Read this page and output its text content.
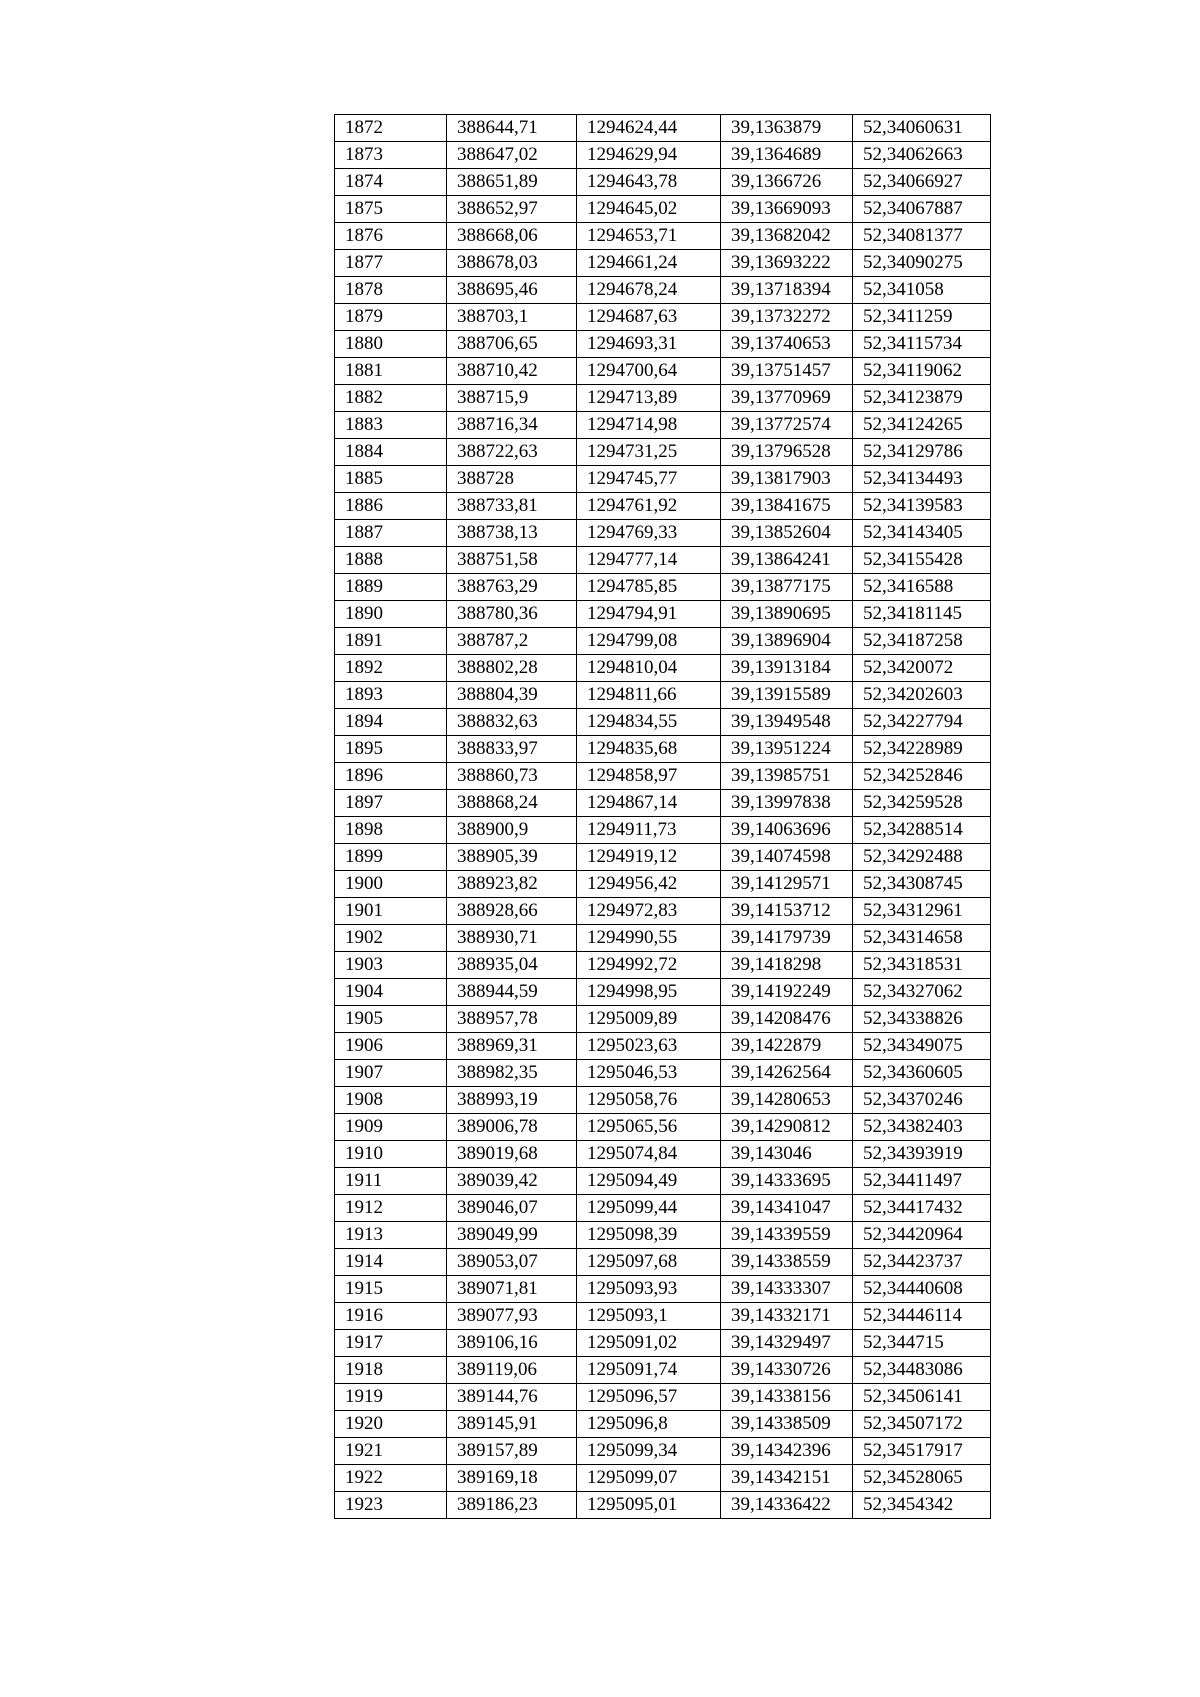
1872	388644,71	1294624,44	39,1363879	52,34060631
1873	388647,02	1294629,94	39,1364689	52,34062663
1874	388651,89	1294643,78	39,1366726	52,34066927
1875	388652,97	1294645,02	39,13669093	52,34067887
1876	388668,06	1294653,71	39,13682042	52,34081377
1877	388678,03	1294661,24	39,13693222	52,34090275
1878	388695,46	1294678,24	39,13718394	52,341058
1879	388703,1	1294687,63	39,13732272	52,3411259
1880	388706,65	1294693,31	39,13740653	52,34115734
1881	388710,42	1294700,64	39,13751457	52,34119062
1882	388715,9	1294713,89	39,13770969	52,34123879
1883	388716,34	1294714,98	39,13772574	52,34124265
1884	388722,63	1294731,25	39,13796528	52,34129786
1885	388728	1294745,77	39,13817903	52,34134493
1886	388733,81	1294761,92	39,13841675	52,34139583
1887	388738,13	1294769,33	39,13852604	52,34143405
1888	388751,58	1294777,14	39,13864241	52,34155428
1889	388763,29	1294785,85	39,13877175	52,3416588
1890	388780,36	1294794,91	39,13890695	52,34181145
1891	388787,2	1294799,08	39,13896904	52,34187258
1892	388802,28	1294810,04	39,13913184	52,3420072
1893	388804,39	1294811,66	39,13915589	52,34202603
1894	388832,63	1294834,55	39,13949548	52,34227794
1895	388833,97	1294835,68	39,13951224	52,34228989
1896	388860,73	1294858,97	39,13985751	52,34252846
1897	388868,24	1294867,14	39,13997838	52,34259528
1898	388900,9	1294911,73	39,14063696	52,34288514
1899	388905,39	1294919,12	39,14074598	52,34292488
1900	388923,82	1294956,42	39,14129571	52,34308745
1901	388928,66	1294972,83	39,14153712	52,34312961
1902	388930,71	1294990,55	39,14179739	52,34314658
1903	388935,04	1294992,72	39,1418298	52,34318531
1904	388944,59	1294998,95	39,14192249	52,34327062
1905	388957,78	1295009,89	39,14208476	52,34338826
1906	388969,31	1295023,63	39,1422879	52,34349075
1907	388982,35	1295046,53	39,14262564	52,34360605
1908	388993,19	1295058,76	39,14280653	52,34370246
1909	389006,78	1295065,56	39,14290812	52,34382403
1910	389019,68	1295074,84	39,143046	52,34393919
1911	389039,42	1295094,49	39,14333695	52,34411497
1912	389046,07	1295099,44	39,14341047	52,34417432
1913	389049,99	1295098,39	39,14339559	52,34420964
1914	389053,07	1295097,68	39,14338559	52,34423737
1915	389071,81	1295093,93	39,14333307	52,34440608
1916	389077,93	1295093,1	39,14332171	52,34446114
1917	389106,16	1295091,02	39,14329497	52,344715
1918	389119,06	1295091,74	39,14330726	52,34483086
1919	389144,76	1295096,57	39,14338156	52,34506141
1920	389145,91	1295096,8	39,14338509	52,34507172
1921	389157,89	1295099,34	39,14342396	52,34517917
1922	389169,18	1295099,07	39,14342151	52,34528065
1923	389186,23	1295095,01	39,14336422	52,3454342
